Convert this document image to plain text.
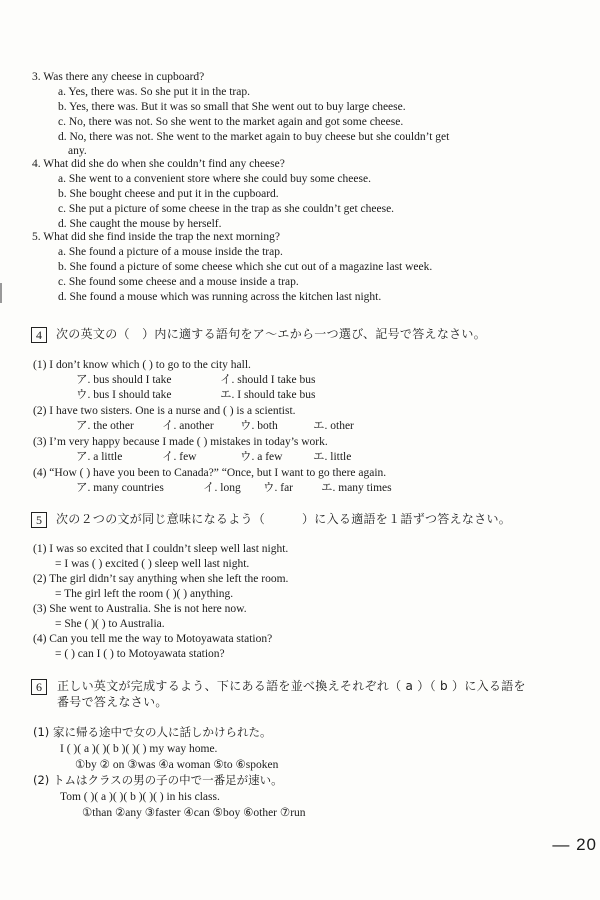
3. Was there any cheese in cupboard?
a. Yes, there was. So she put it in the trap.
b. Yes, there was. But it was so small that She went out to buy large cheese.
c. No, there was not. So she went to the market again and got some cheese.
d. No, there was not. She went to the market again to buy cheese but she couldn’t get
any.
4. What did she do when she couldn’t find any cheese?
a. She went to a convenient store where she could buy some cheese.
b. She bought cheese and put it in the cupboard.
c. She put a picture of some cheese in the trap as she couldn’t get cheese.
d. She caught the mouse by herself.
5. What did she find inside the trap the next morning?
a. She found a picture of a mouse inside the trap.
b. She found a picture of some cheese which she cut out of a magazine last week.
c. She found some cheese and a mouse inside a trap.
d. She found a mouse which was running across the kitchen last night.
4	次の英文の（　）内に適する語句をア～エから一つ選び、記号で答えなさい。
(1) I don’t know which ( ) to go to the city hall.
ア. bus should I take	イ. should I take bus
ウ. bus I should take	エ. I should take bus
(2) I have two sisters. One is a nurse and ( ) is a scientist.
ア. the other イ. another ウ. both	エ. other
(3) I’m very happy because I made ( ) mistakes in today’s work.
ア. a little	イ. few	ウ. a few	エ. little
(4) “How ( ) have you been to Canada?” “Once, but I want to go there again.
ア. many countries	イ. long ウ. far エ. many times
5	次の２つの文が同じ意味になるよう（　　　）に入る適語を１語ずつ答えなさい。
(1) I was so excited that I couldn’t sleep well last night.
= I was ( ) excited ( ) sleep well last night.
(2) The girl didn’t say anything when she left the room.
= The girl left the room ( )( ) anything.
(3) She went to Australia. She is not here now.
= She ( )( ) to Australia.
(4) Can you tell me the way to Motoyawata station?
= ( ) can I ( ) to Motoyawata station?
6	正しい英文が完成するよう、下にある語を並べ換えそれぞれ（ a ）（ b ）に入る語を
番号で答えなさい。
(1) 家に帰る途中で女の人に話しかけられた。
I ( )( a )( )( b )( )( ) my way home.
①by ② on ③was ④a woman ⑤to ⑥spoken
(2) トムはクラスの男の子の中で一番足が速い。
Tom ( )( a )( )( b )( )( ) in his class.
①than ②any ③faster ④can ⑤boy ⑥other ⑦run
— 20
